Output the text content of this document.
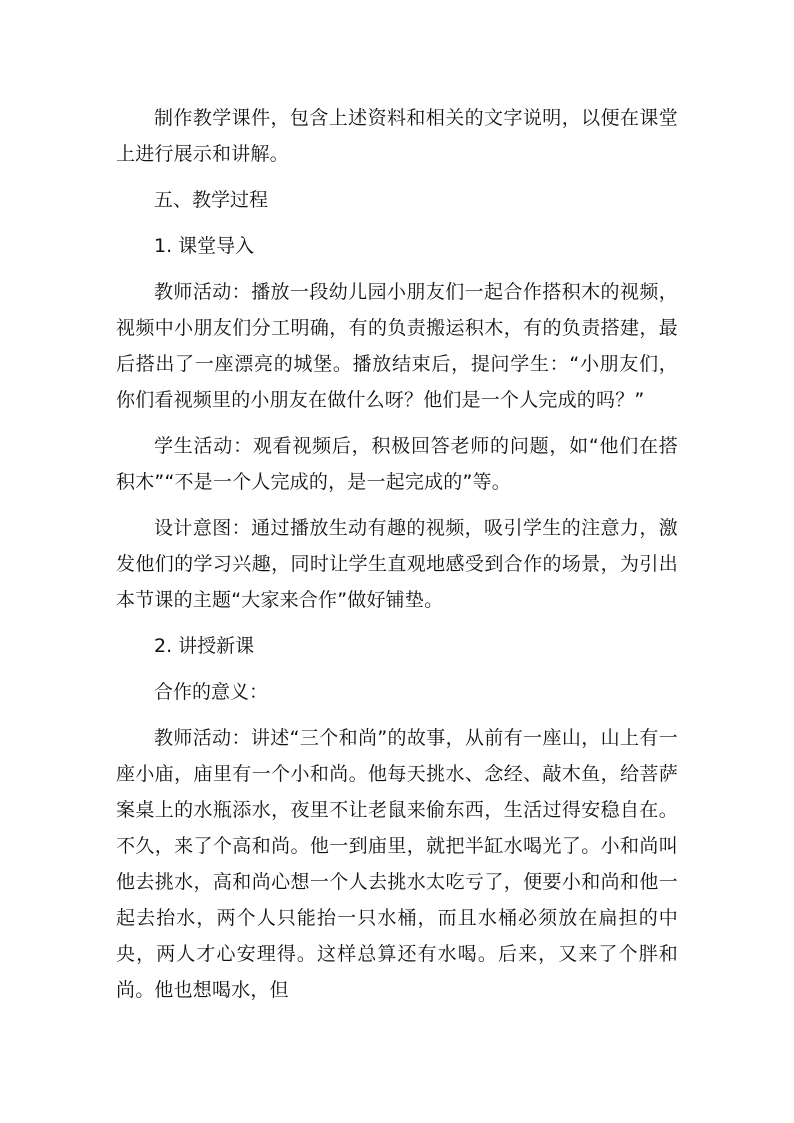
制作教学课件，包含上述资料和相关的文字说明，以便在课堂上进行展示和讲解。

五、教学过程

1. 课堂导入

教师活动：播放一段幼儿园小朋友们一起合作搭积木的视频，视频中小朋友们分工明确，有的负责搬运积木，有的负责搭建，最后搭出了一座漂亮的城堡。播放结束后，提问学生：“小朋友们，你们看视频里的小朋友在做什么呀？他们是一个人完成的吗？”

学生活动：观看视频后，积极回答老师的问题，如“他们在搭积木”“不是一个人完成的，是一起完成的”等。

设计意图：通过播放生动有趣的视频，吸引学生的注意力，激发他们的学习兴趣，同时让学生直观地感受到合作的场景，为引出本节课的主题“大家来合作”做好铺垫。

2. 讲授新课

合作的意义：

教师活动：讲述“三个和尚”的故事，从前有一座山，山上有一座小庙，庙里有一个小和尚。他每天挑水、念经、敲木鱼，给菩萨案桌上的水瓶添水，夜里不让老鼠来偷东西，生活过得安稳自在。不久，来了个高和尚。他一到庙里，就把半缸水喝光了。小和尚叫他去挑水，高和尚心想一个人去挑水太吃亏了，便要小和尚和他一起去抬水，两个人只能抬一只水桶，而且水桶必须放在扁担的中央，两人才心安理得。这样总算还有水喝。后来，又来了个胖和尚。他也想喝水，但
